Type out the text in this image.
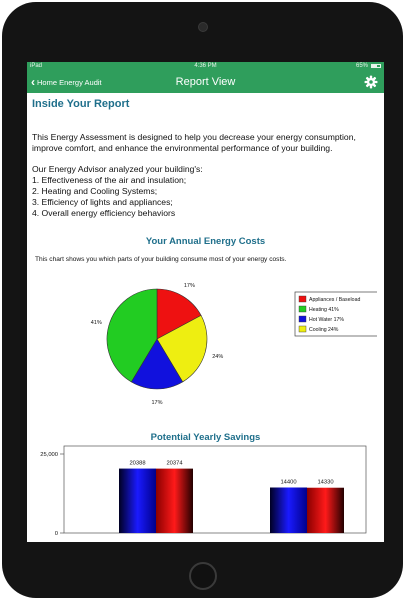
iPad	4:36 PM	65%
‹ Home Energy Audit	Report View
Inside Your Report
This Energy Assessment is designed to help you decrease your energy consumption,
improve comfort, and enhance the environmental performance of your building.
Our Energy Advisor analyzed your building's:
1. Effectiveness of the air and insulation;
2. Heating and Cooling Systems;
3. Efficiency of lights and appliances;
4. Overall energy efficiency behaviors
Your Annual Energy Costs
This chart shows you which parts of your building consume most of your energy costs.
17%
24%
17%
41%
Appliances / Baseload
Heating 41%
Hot Water 17%
Cooling 24%
Potential Yearly Savings
25,000
0
20388	20374
14400	14330
